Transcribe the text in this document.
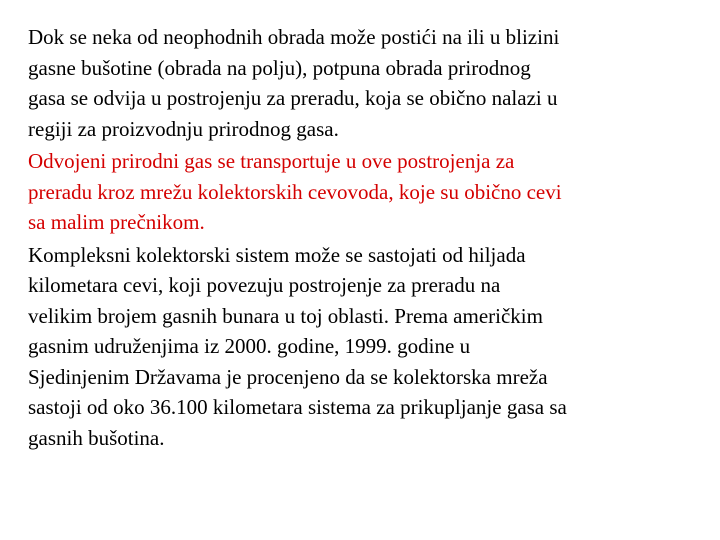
Dok se neka od neophodnih obrada može postići na ili u blizini
gasne bušotine (obrada na polju), potpuna obrada prirodnog
gasa se odvija u postrojenju za preradu, koja se obično nalazi u
regiji za proizvodnju prirodnog gasa.

Odvojeni prirodni gas se transportuje u ove postrojenja za
preradu kroz mrežu kolektorskih cevovoda, koje su obično cevi
sa malim prečnikom.

Kompleksni kolektorski sistem može se sastojati od hiljada
kilometara cevi, koji povezuju postrojenje za preradu na
velikim brojem gasnih bunara u toj oblasti. Prema američkim
gasnim udruženjima iz 2000. godine, 1999. godine u
Sjedinjenim Državama je procenjeno da se kolektorska mreža
sastoji od oko 36.100 kilometara sistema za prikupljanje gasa sa
gasnih bušotina.
